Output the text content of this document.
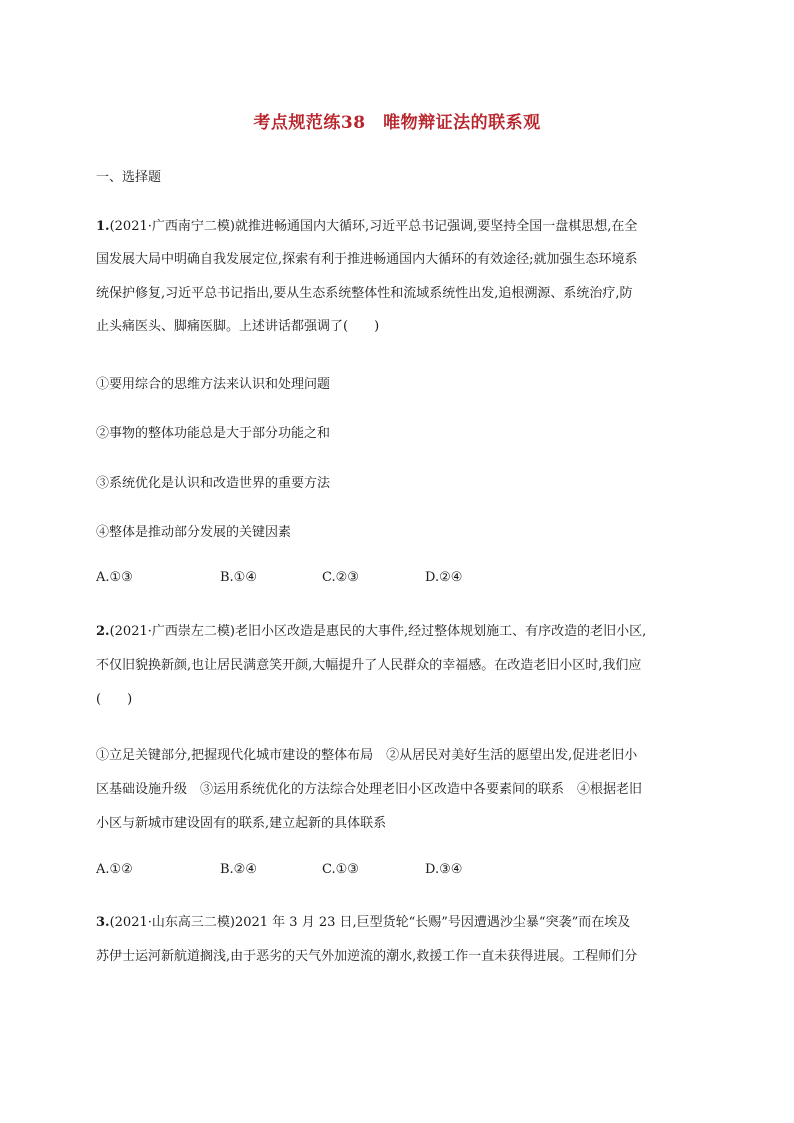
考点规范练38　唯物辩证法的联系观
一、选择题
1.(2021·广西南宁二模)就推进畅通国内大循环,习近平总书记强调,要坚持全国一盘棋思想,在全
国发展大局中明确自我发展定位,探索有利于推进畅通国内大循环的有效途径;就加强生态环境系
统保护修复,习近平总书记指出,要从生态系统整体性和流域系统性出发,追根溯源、系统治疗,防
止头痛医头、脚痛医脚。上述讲话都强调了(　　)
①要用综合的思维方法来认识和处理问题
②事物的整体功能总是大于部分功能之和
③系统优化是认识和改造世界的重要方法
④整体是推动部分发展的关键因素
A.①③	B.①④	C.②③	D.②④
2.(2021·广西崇左二模)老旧小区改造是惠民的大事件,经过整体规划施工、有序改造的老旧小区,
不仅旧貌换新颜,也让居民满意笑开颜,大幅提升了人民群众的幸福感。在改造老旧小区时,我们应
(　　)
①立足关键部分,把握现代化城市建设的整体布局　②从居民对美好生活的愿望出发,促进老旧小
区基础设施升级　③运用系统优化的方法综合处理老旧小区改造中各要素间的联系　④根据老旧
小区与新城市建设固有的联系,建立起新的具体联系
A.①②	B.②④	C.①③	D.③④
3.(2021·山东高三二模)2021 年 3 月 23 日,巨型货轮“长赐”号因遭遇沙尘暴“突袭”而在埃及
苏伊士运河新航道搁浅,由于恶劣的天气外加逆流的潮水,救援工作一直未获得进展。工程师们分
